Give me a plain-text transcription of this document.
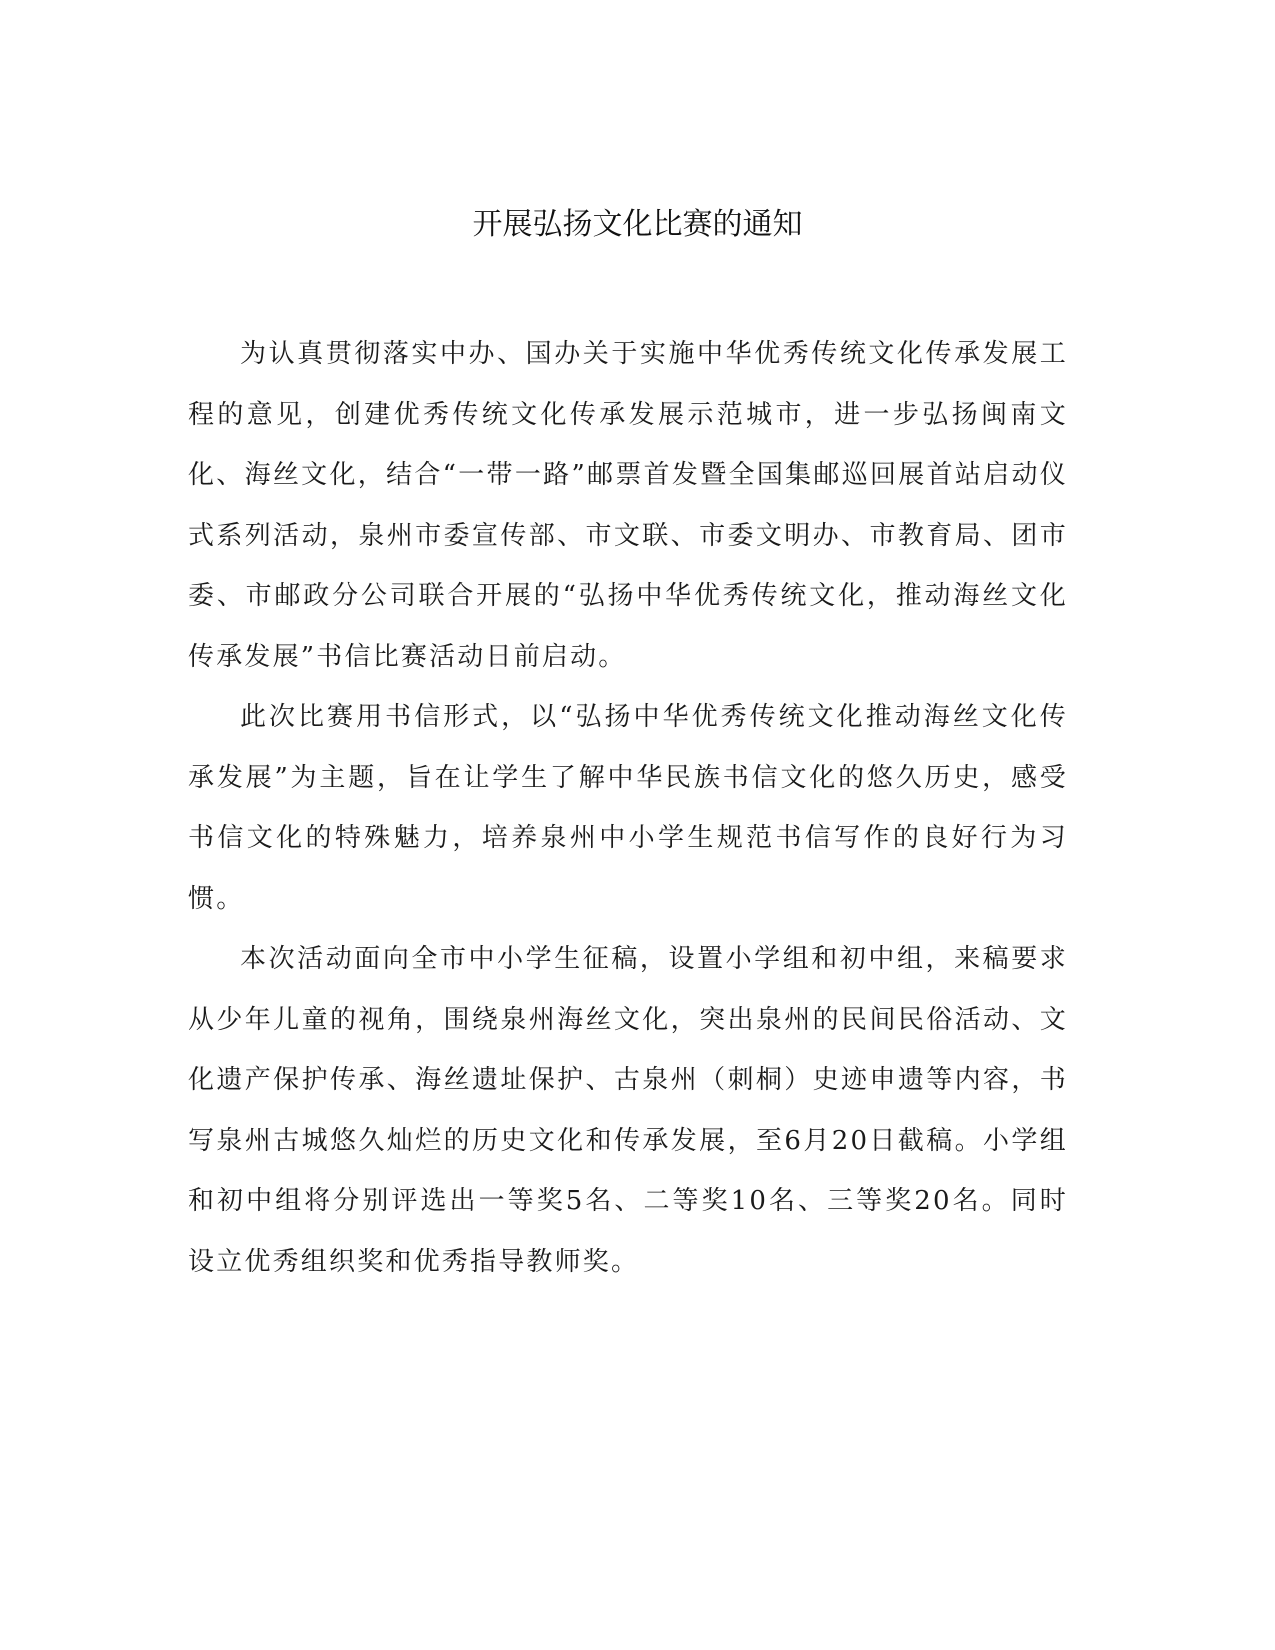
开展弘扬文化比赛的通知

为认真贯彻落实中办、国办关于实施中华优秀传统文化传承发展工程的意见，创建优秀传统文化传承发展示范城市，进一步弘扬闽南文化、海丝文化，结合“一带一路”邮票首发暨全国集邮巡回展首站启动仪式系列活动，泉州市委宣传部、市文联、市委文明办、市教育局、团市委、市邮政分公司联合开展的“弘扬中华优秀传统文化，推动海丝文化传承发展”书信比赛活动日前启动。

此次比赛用书信形式，以“弘扬中华优秀传统文化推动海丝文化传承发展”为主题，旨在让学生了解中华民族书信文化的悠久历史，感受书信文化的特殊魅力，培养泉州中小学生规范书信写作的良好行为习惯。

本次活动面向全市中小学生征稿，设置小学组和初中组，来稿要求从少年儿童的视角，围绕泉州海丝文化，突出泉州的民间民俗活动、文化遗产保护传承、海丝遗址保护、古泉州（刺桐）史迹申遗等内容，书写泉州古城悠久灿烂的历史文化和传承发展，至6月20日截稿。小学组和初中组将分别评选出一等奖5名、二等奖10名、三等奖20名。同时设立优秀组织奖和优秀指导教师奖。
